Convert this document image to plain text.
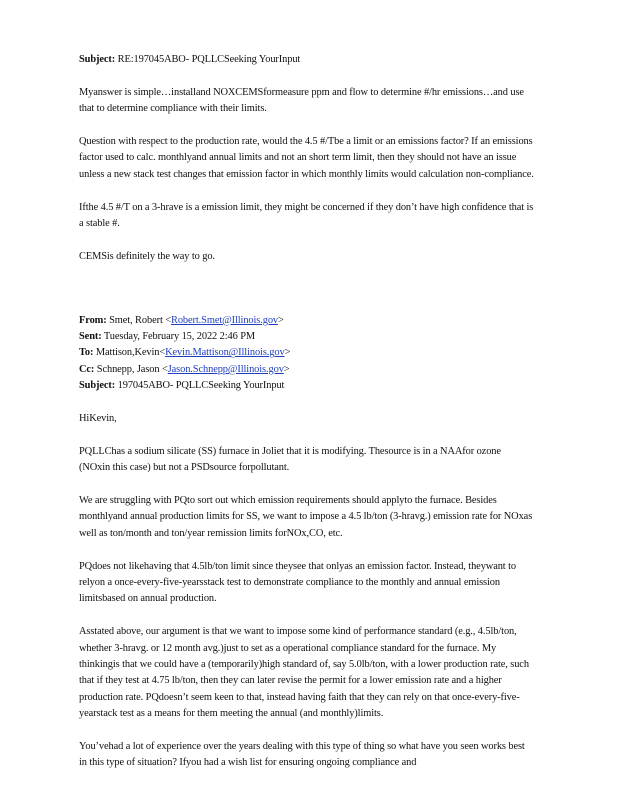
Subject: RE:197045ABO- PQLLCSeeking YourInput

Myanswer is simple…installand NOXCEMSformeasure ppm and flow to determine #/hr emissions…and use that to determine compliance with their limits.

Question with respect to the production rate, would the 4.5 #/Tbe a limit or an emissions factor? If an emissions factor used to calc. monthlyand annual limits and not an short term limit, then they should not have an issue unless a new stack test changes that emission factor in which monthly limits would calculation non-compliance.

Ifthe 4.5 #/T on a 3-hrave is a emission limit, they might be concerned if they don’t have high confidence that is a stable #.

CEMSis definitely the way to go.

From: Smet, Robert <Robert.Smet@Illinois.gov>
Sent: Tuesday, February 15, 2022 2:46 PM
To: Mattison,Kevin<Kevin.Mattison@Illinois.gov>
Cc: Schnepp, Jason <Jason.Schnepp@Illinois.gov>
Subject: 197045ABO- PQLLCSeeking YourInput

HiKevin,

PQLLChas a sodium silicate (SS) furnace in Joliet that it is modifying. Thesource is in a NAAfor ozone (NOxin this case) but not a PSDsource forpollutant.

We are struggling with PQto sort out which emission requirements should applyto the furnace. Besides monthlyand annual production limits for SS, we want to impose a 4.5 lb/ton (3-hravg.) emission rate for NOxas well as ton/month and ton/year remission limits forNOx,CO, etc.

PQdoes not likehaving that 4.5lb/ton limit since theysee that onlyas an emission factor. Instead, theywant to relyon a once-every-five-yearsstack test to demonstrate compliance to the monthly and annual emission limitsbased on annual production.

Asstated above, our argument is that we want to impose some kind of performance standard (e.g., 4.5lb/ton, whether 3-hravg. or 12 month avg.)just to set as a operational compliance standard for the furnace. My thinkingis that we could have a (temporarily)high standard of, say 5.0lb/ton, with a lower production rate, such that if they test at 4.75 lb/ton, then they can later revise the permit for a lower emission rate and a higher production rate. PQdoesn’t seem keen to that, instead having faith that they can rely on that once-every-five-yearstack test as a means for them meeting the annual (and monthly)limits.

You’vehad a lot of experience over the years dealing with this type of thing so what have you seen works best in this type of situation? Ifyou had a wish list for ensuring ongoing compliance and
